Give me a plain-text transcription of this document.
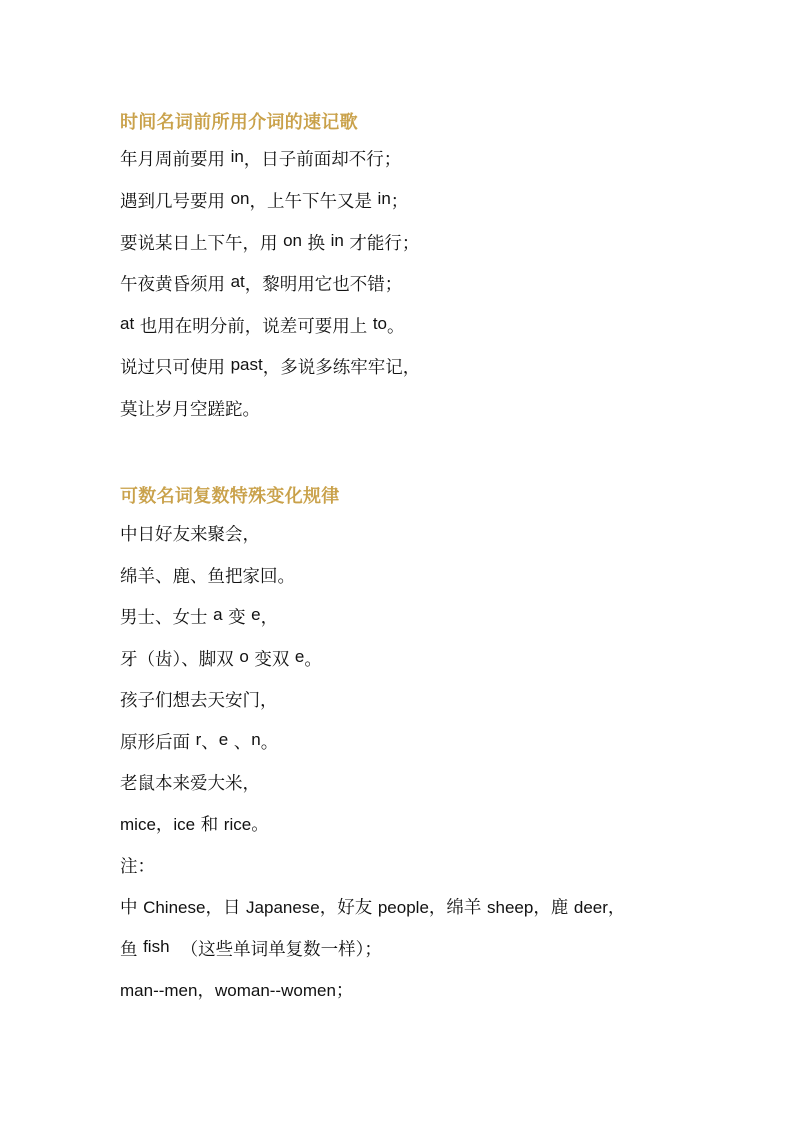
时间名词前所用介词的速记歌
年月周前要用 in，日子前面却不行；
遇到几号要用 on，上午下午又是 in；
要说某日上下午，用 on 换 in 才能行；
午夜黄昏须用 at，黎明用它也不错；
at 也用在明分前，说差可要用上 to。
说过只可使用 past，多说多练牢牢记，
莫让岁月空蹉跎。
可数名词复数特殊变化规律
中日好友来聚会，
绵羊、鹿、鱼把家回。
男士、女士 a 变 e，
牙（齿）、脚双 o 变双 e。
孩子们想去天安门，
原形后面 r、e 、n。
老鼠本来爱大米，
mice，ice 和 rice。
注：
中 Chinese，日 Japanese，好友 people，绵羊 sheep，鹿 deer，
鱼 fish  （这些单词单复数一样）；
man--men，woman--women；
